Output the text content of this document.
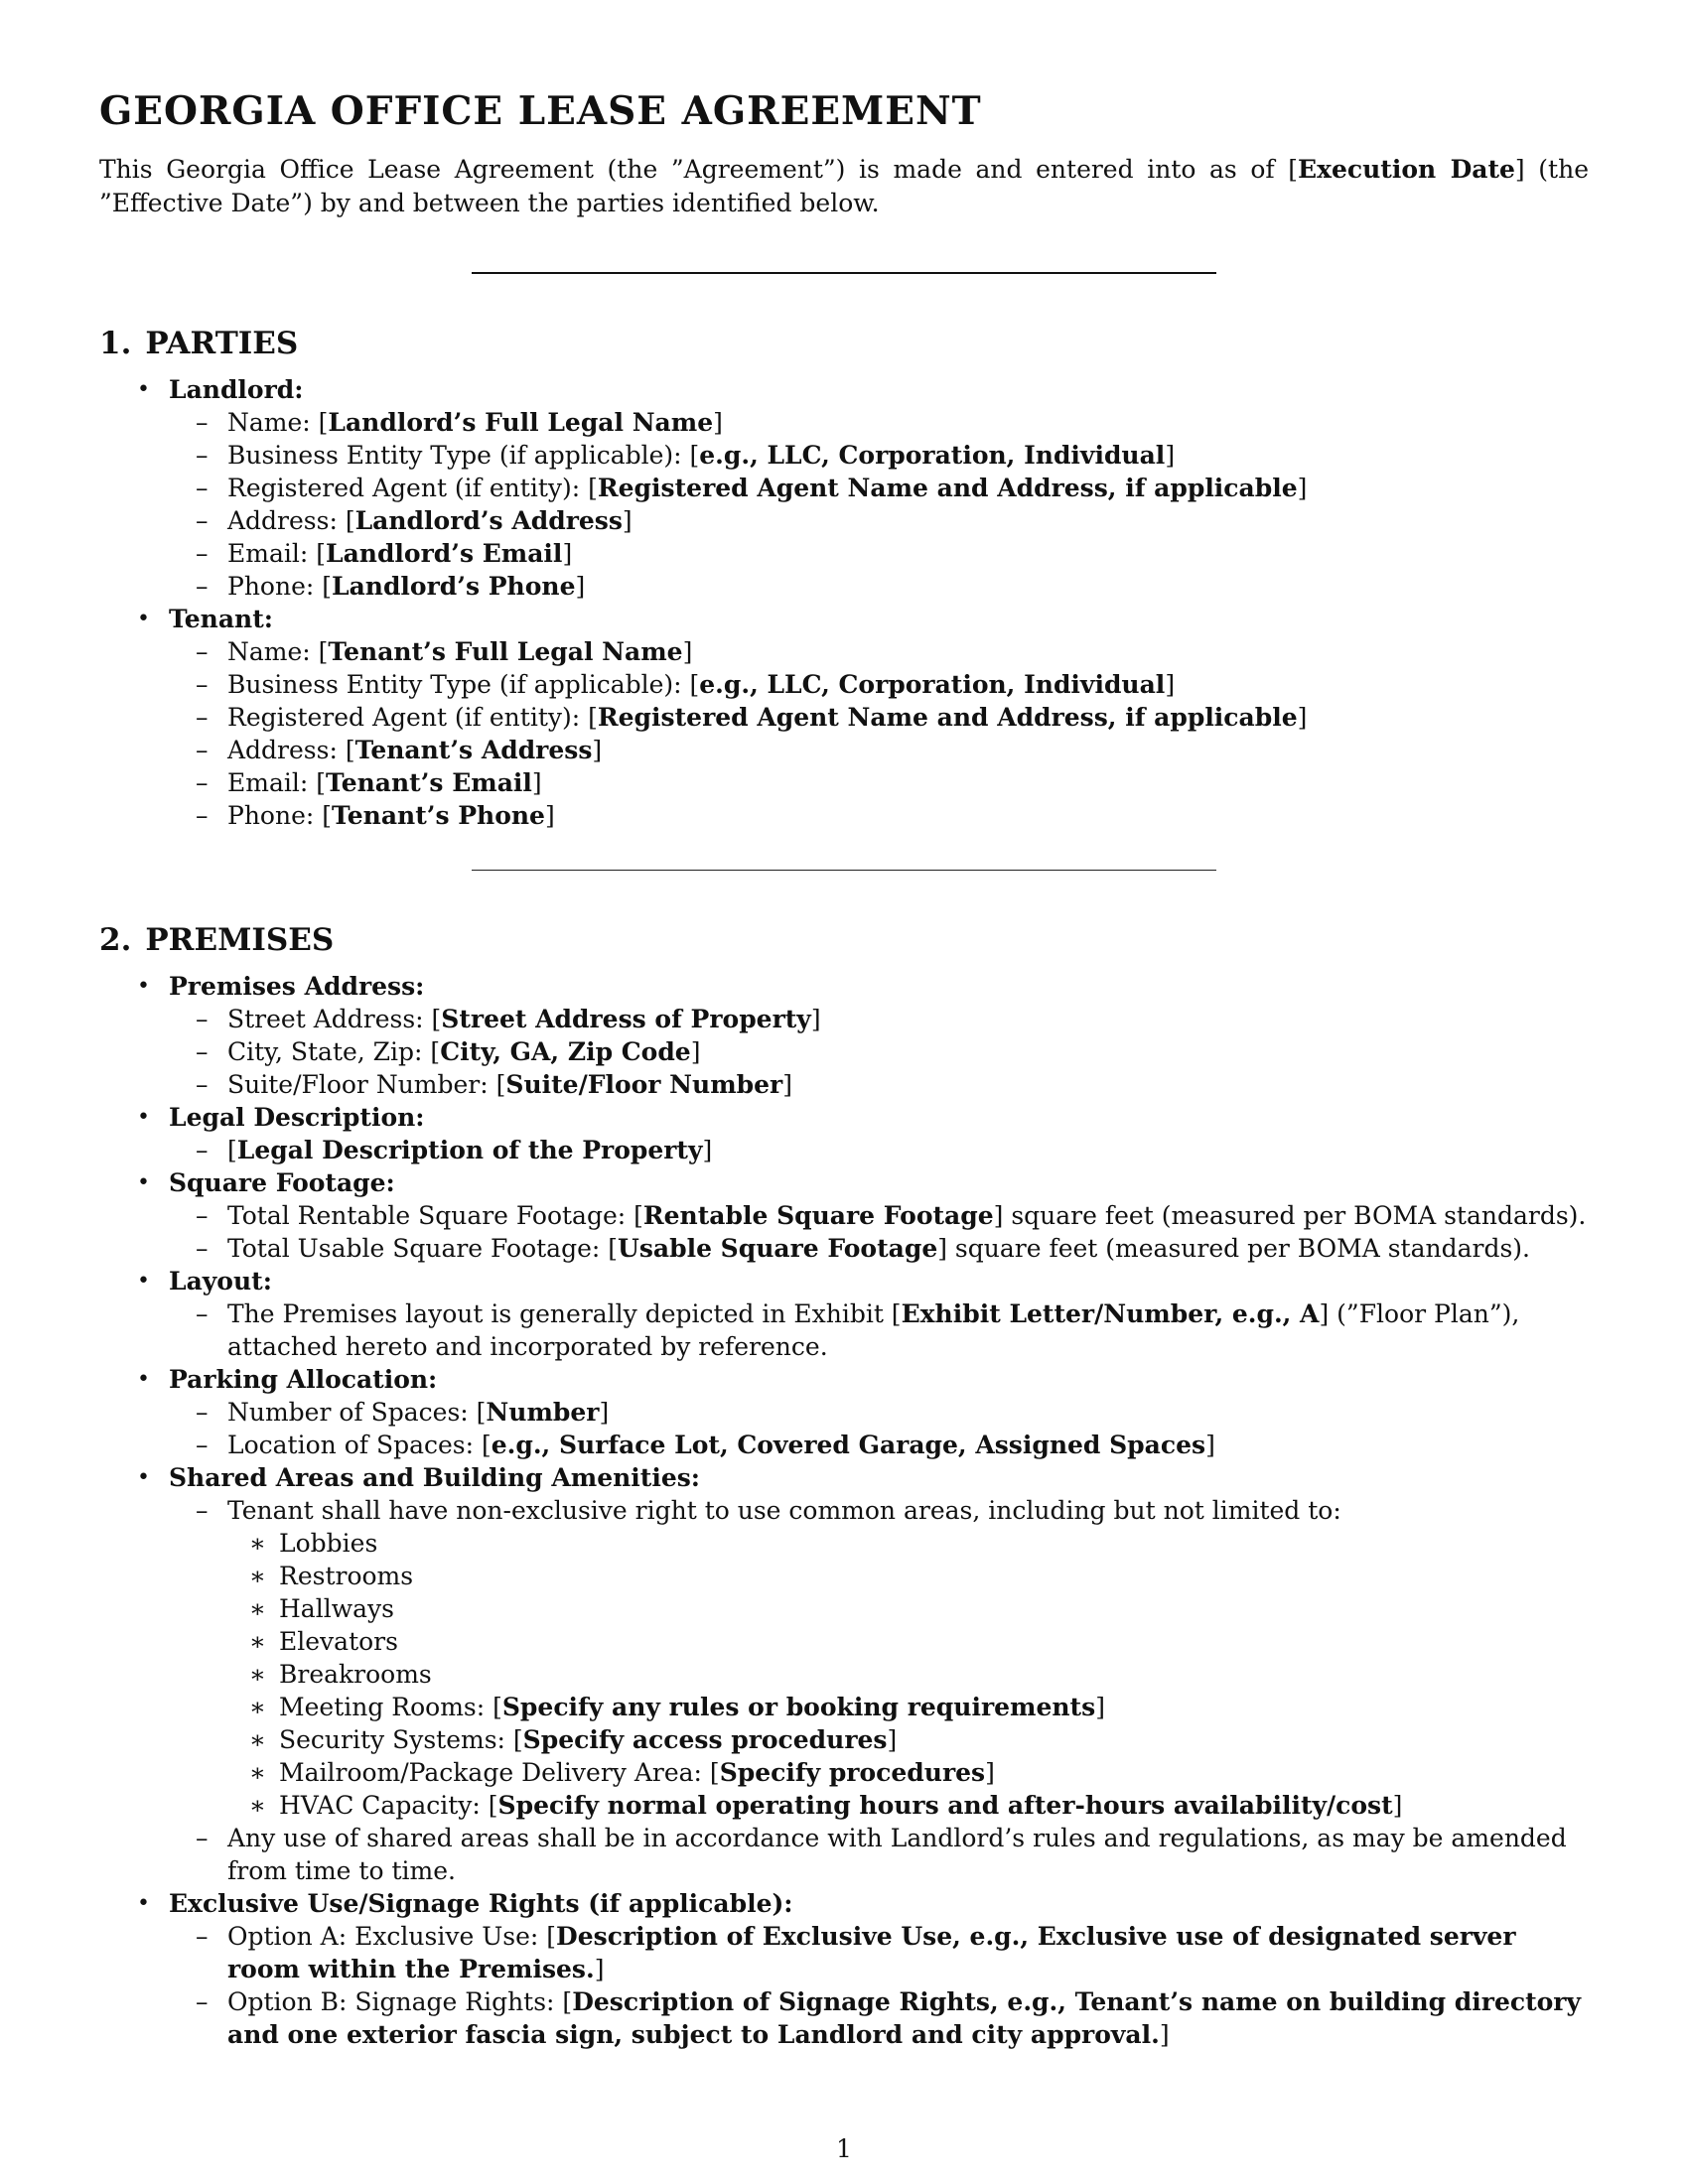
GEORGIA OFFICE LEASE AGREEMENT

This Georgia Office Lease Agreement (the ”Agreement”) is made and entered into as of [Execution Date] (the ”Effective Date”) by and between the parties identified below.

1. PARTIES
• Landlord:
– Name: [Landlord’s Full Legal Name]
– Business Entity Type (if applicable): [e.g., LLC, Corporation, Individual]
– Registered Agent (if entity): [Registered Agent Name and Address, if applicable]
– Address: [Landlord’s Address]
– Email: [Landlord’s Email]
– Phone: [Landlord’s Phone]
• Tenant:
– Name: [Tenant’s Full Legal Name]
– Business Entity Type (if applicable): [e.g., LLC, Corporation, Individual]
– Registered Agent (if entity): [Registered Agent Name and Address, if applicable]
– Address: [Tenant’s Address]
– Email: [Tenant’s Email]
– Phone: [Tenant’s Phone]
2. PREMISES
• Premises Address:
– Street Address: [Street Address of Property]
– City, State, Zip: [City, GA, Zip Code]
– Suite/Floor Number: [Suite/Floor Number]
• Legal Description:
– [Legal Description of the Property]
• Square Footage:
– Total Rentable Square Footage: [Rentable Square Footage] square feet (measured per BOMA standards).
– Total Usable Square Footage: [Usable Square Footage] square feet (measured per BOMA standards).
• Layout:
– The Premises layout is generally depicted in Exhibit [Exhibit Letter/Number, e.g., A] (”Floor Plan”), attached hereto and incorporated by reference.
• Parking Allocation:
– Number of Spaces: [Number]
– Location of Spaces: [e.g., Surface Lot, Covered Garage, Assigned Spaces]
• Shared Areas and Building Amenities:
– Tenant shall have non-exclusive right to use common areas, including but not limited to:
∗ Lobbies
∗ Restrooms
∗ Hallways
∗ Elevators
∗ Breakrooms
∗ Meeting Rooms: [Specify any rules or booking requirements]
∗ Security Systems: [Specify access procedures]
∗ Mailroom/Package Delivery Area: [Specify procedures]
∗ HVAC Capacity: [Specify normal operating hours and after-hours availability/cost]
– Any use of shared areas shall be in accordance with Landlord’s rules and regulations, as may be amended from time to time.
• Exclusive Use/Signage Rights (if applicable):
– Option A: Exclusive Use: [Description of Exclusive Use, e.g., Exclusive use of designated server room within the Premises.]
– Option B: Signage Rights: [Description of Signage Rights, e.g., Tenant’s name on building directory and one exterior fascia sign, subject to Landlord and city approval.]
1
